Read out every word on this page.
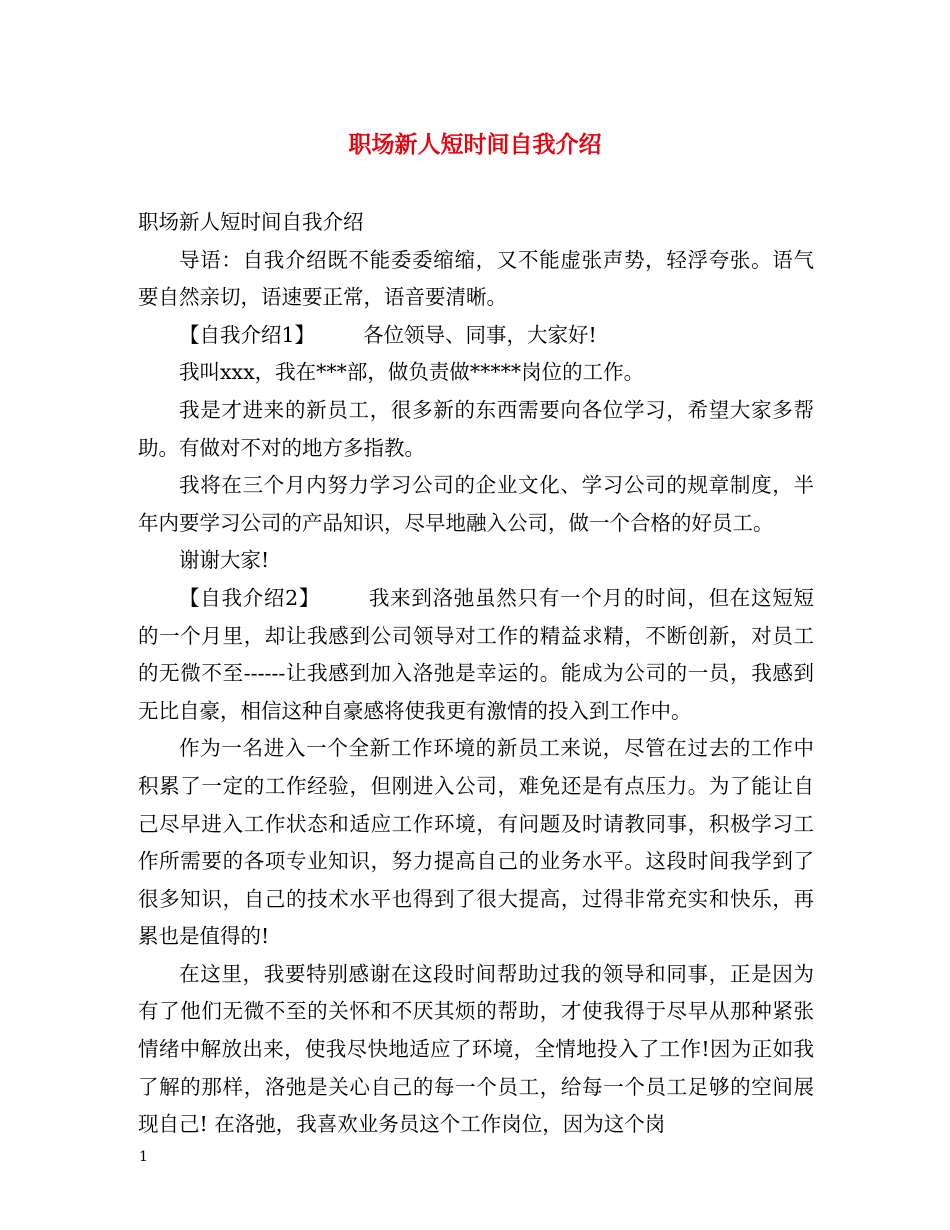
职场新人短时间自我介绍

职场新人短时间自我介绍

导语：自我介绍既不能委委缩缩，又不能虚张声势，轻浮夸张。语气要自然亲切，语速要正常，语音要清晰。

【自我介绍1】 各位领导、同事，大家好!

我叫xxx，我在***部，做负责做*****岗位的工作。

我是才进来的新员工，很多新的东西需要向各位学习，希望大家多帮助。有做对不对的地方多指教。

我将在三个月内努力学习公司的企业文化、学习公司的规章制度，半年内要学习公司的产品知识，尽早地融入公司，做一个合格的好员工。

谢谢大家!

【自我介绍2】 我来到洛弛虽然只有一个月的时间，但在这短短的一个月里，却让我感到公司领导对工作的精益求精，不断创新，对员工的无微不至------让我感到加入洛弛是幸运的。能成为公司的一员，我感到无比自豪，相信这种自豪感将使我更有激情的投入到工作中。

作为一名进入一个全新工作环境的新员工来说，尽管在过去的工作中积累了一定的工作经验，但刚进入公司，难免还是有点压力。为了能让自己尽早进入工作状态和适应工作环境，有问题及时请教同事，积极学习工作所需要的各项专业知识，努力提高自己的业务水平。这段时间我学到了很多知识，自己的技术水平也得到了很大提高，过得非常充实和快乐，再累也是值得的!

在这里，我要特别感谢在这段时间帮助过我的领导和同事，正是因为有了他们无微不至的关怀和不厌其烦的帮助，才使我得于尽早从那种紧张情绪中解放出来，使我尽快地适应了环境，全情地投入了工作!因为正如我了解的那样，洛弛是关心自己的每一个员工，给每一个员工足够的空间展现自己! 在洛弛，我喜欢业务员这个工作岗位，因为这个岗

1
